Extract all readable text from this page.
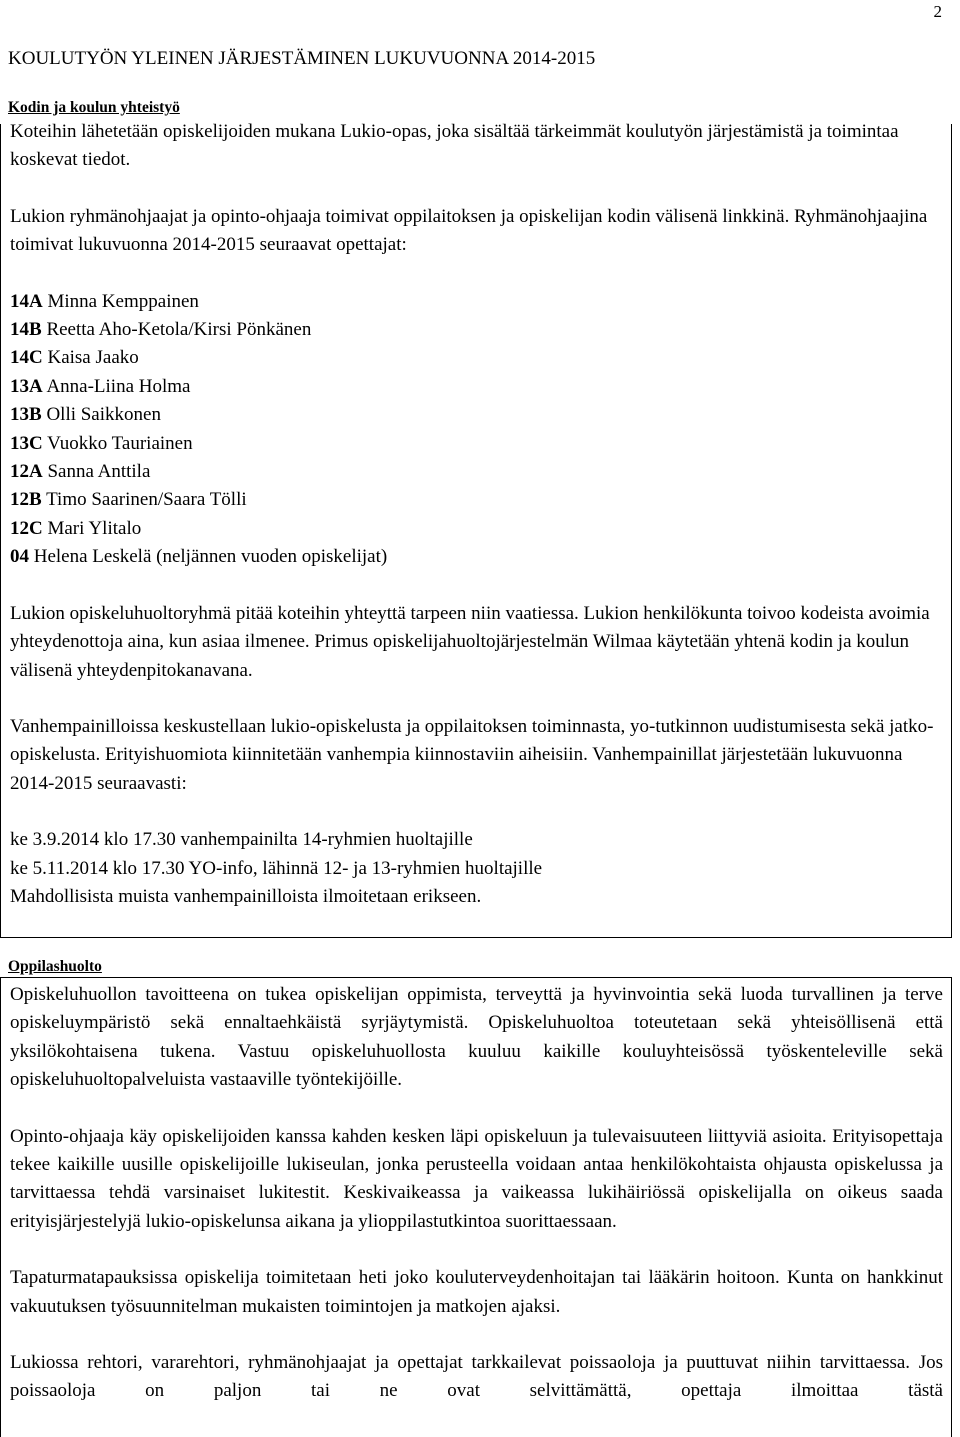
2
KOULUTYÖN YLEINEN JÄRJESTÄMINEN LUKUVUONNA 2014-2015
Kodin ja koulun yhteistyö

Koteihin lähetetään opiskelijoiden mukana Lukio-opas, joka sisältää tärkeimmät koulutyön järjestämistä ja toimintaa koskevat tiedot.

Lukion ryhmänohjaajat ja opinto-ohjaaja toimivat oppilaitoksen ja opiskelijan kodin välisenä linkkinä. Ryhmänohjaajina toimivat lukuvuonna 2014-2015 seuraavat opettajat:

14A Minna Kemppainen
14B Reetta Aho-Ketola/Kirsi Pönkänen
14C Kaisa Jaako
13A Anna-Liina Holma
13B Olli Saikkonen
13C Vuokko Tauriainen
12A Sanna Anttila
12B Timo Saarinen/Saara Tölli
12C Mari Ylitalo
04 Helena Leskelä (neljännen vuoden opiskelijat)

Lukion opiskeluhuoltoryhmä pitää koteihin yhteyttä tarpeen niin vaatiessa. Lukion henkilökunta toivoo kodeista avoimia yhteydenottoja aina, kun asiaa ilmenee. Primus opiskelijahuoltojärjestelmän Wilmaa käytetään yhtenä kodin ja koulun välisenä yhteydenpitokanavana.

Vanhempainilloissa keskustellaan lukio-opiskelusta ja oppilaitoksen toiminnasta, yo-tutkinnon uudistumisesta sekä jatko-opiskelusta. Erityishuomiota kiinnitetään vanhempia kiinnostaviin aiheisiin. Vanhempainillat järjestetään lukuvuonna 2014-2015 seuraavasti:

ke 3.9.2014 klo 17.30 vanhempainilta 14-ryhmien huoltajille
ke 5.11.2014 klo 17.30 YO-info, lähinnä 12- ja 13-ryhmien huoltajille
Mahdollisista muista vanhempainilloista ilmoitetaan erikseen.
Oppilashuolto

Opiskeluhuollon tavoitteena on tukea opiskelijan oppimista, terveyttä ja hyvinvointia sekä luoda turvallinen ja terve opiskeluympäristö sekä ennaltaehkäistä syrjäytymistä. Opiskeluhuoltoa toteutetaan sekä yhteisöllisenä että yksilökohtaisena tukena. Vastuu opiskeluhuollosta kuuluu kaikille kouluyhteisössä työskenteleville sekä opiskeluhuoltopalveluista vastaaville työntekijöille.

Opinto-ohjaaja käy opiskelijoiden kanssa kahden kesken läpi opiskeluun ja tulevaisuuteen liittyviä asioita. Erityisopettaja tekee kaikille uusille opiskelijoille lukiseulan, jonka perusteella voidaan antaa henkilökohtaista ohjausta opiskelussa ja tarvittaessa tehdä varsinaiset lukitestit. Keskivaikeassa ja vaikeassa lukihäiriössä opiskelijalla on oikeus saada erityisjärjestelyjä lukio-opiskelunsa aikana ja ylioppilastutkintoa suorittaessaan.

Tapaturmatapauksissa opiskelija toimitetaan heti joko kouluterveydenhoitajan tai lääkärin hoitoon. Kunta on hankkinut vakuutuksen työsuunnitelman mukaisten toimintojen ja matkojen ajaksi.

Lukiossa rehtori, vararehtori, ryhmänohjaajat ja opettajat tarkkailevat poissaoloja ja puuttuvat niihin tarvittaessa. Jos poissaoloja on paljon tai ne ovat selvittämättä, opettaja ilmoittaa tästä
